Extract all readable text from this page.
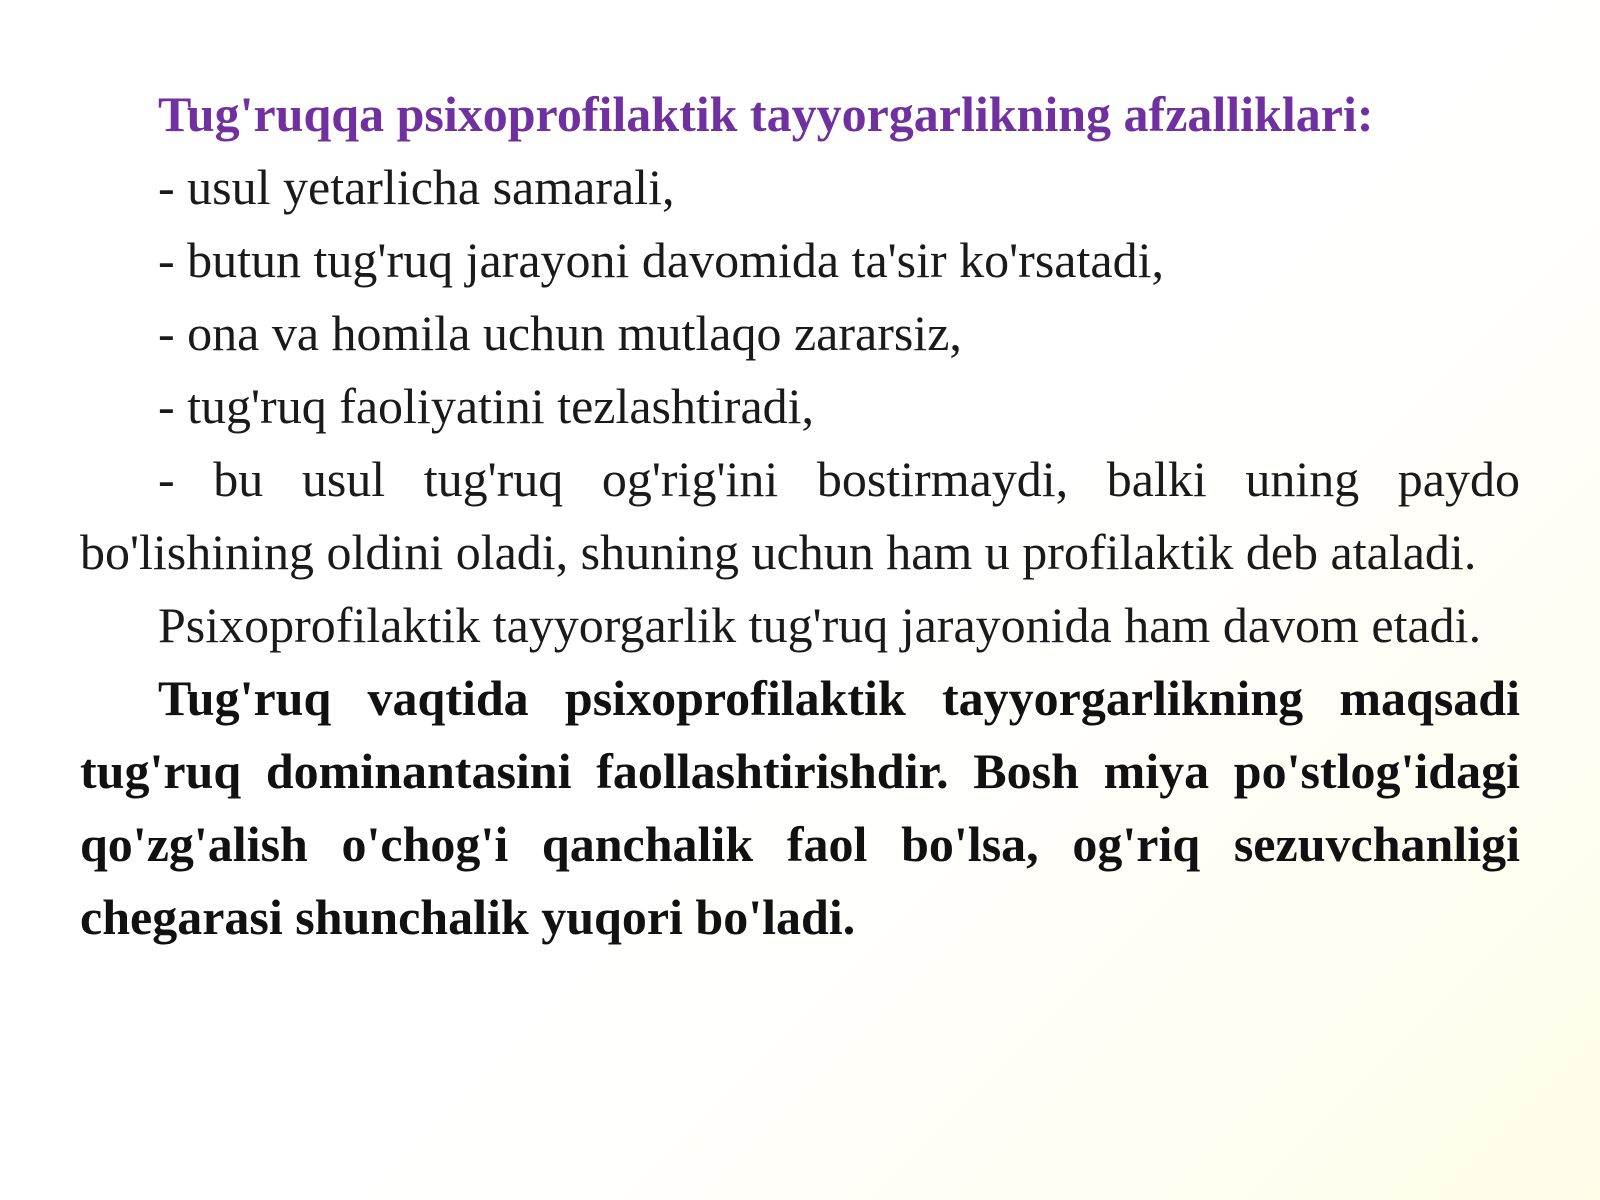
Tug'ruqqa psixoprofilaktik tayyorgarlikning afzalliklari:

- usul yetarlicha samarali,

- butun tug'ruq jarayoni davomida ta'sir ko'rsatadi,

- ona va homila uchun mutlaqo zararsiz,

- tug'ruq faoliyatini tezlashtiradi,

- bu usul tug'ruq og'rig'ini bostirmaydi, balki uning paydo bo'lishining oldini oladi, shuning uchun ham u profilaktik deb ataladi.

Psixoprofilaktik tayyorgarlik tug'ruq jarayonida ham davom etadi.

Tug'ruq vaqtida psixoprofilaktik tayyorgarlikning maqsadi tug'ruq dominantasini faollashtirishdir. Bosh miya po'stlog'idagi qo'zg'alish o'chog'i qanchalik faol bo'lsa, og'riq sezuvchanligi chegarasi shunchalik yuqori bo'ladi.
